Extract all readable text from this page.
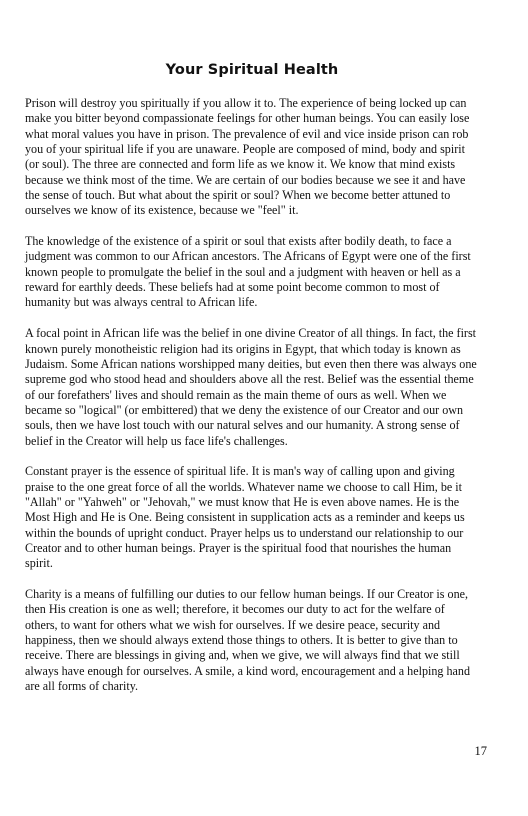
Your Spiritual Health

Prison will destroy you spiritually if you allow it to. The experience of being locked up can make you bitter beyond compassionate feelings for other human beings. You can easily lose what moral values you have in prison. The prevalence of evil and vice inside prison can rob you of your spiritual life if you are unaware. People are composed of mind, body and spirit (or soul). The three are connected and form life as we know it. We know that mind exists because we think most of the time. We are certain of our bodies because we see it and have the sense of touch. But what about the spirit or soul? When we become better attuned to ourselves we know of its existence, because we "feel" it.

The knowledge of the existence of a spirit or soul that exists after bodily death, to face a judgment was common to our African ancestors. The Africans of Egypt were one of the first known people to promulgate the belief in the soul and a judgment with heaven or hell as a reward for earthly deeds. These beliefs had at some point become common to most of humanity but was always central to African life.

A focal point in African life was the belief in one divine Creator of all things. In fact, the first known purely monotheistic religion had its origins in Egypt, that which today is known as Judaism. Some African nations worshipped many deities, but even then there was always one supreme god who stood head and shoulders above all the rest. Belief was the essential theme of our forefathers' lives and should remain as the main theme of ours as well. When we became so "logical" (or embittered) that we deny the existence of our Creator and our own souls, then we have lost touch with our natural selves and our humanity. A strong sense of belief in the Creator will help us face life's challenges.

Constant prayer is the essence of spiritual life. It is man's way of calling upon and giving praise to the one great force of all the worlds. Whatever name we choose to call Him, be it "Allah" or "Yahweh" or "Jehovah," we must know that He is even above names. He is the Most High and He is One. Being consistent in supplication acts as a reminder and keeps us within the bounds of upright conduct. Prayer helps us to understand our relationship to our Creator and to other human beings. Prayer is the spiritual food that nourishes the human spirit.

Charity is a means of fulfilling our duties to our fellow human beings. If our Creator is one, then His creation is one as well; therefore, it becomes our duty to act for the welfare of others, to want for others what we wish for ourselves. If we desire peace, security and happiness, then we should always extend those things to others. It is better to give than to receive. There are blessings in giving and, when we give, we will always find that we still always have enough for ourselves. A smile, a kind word, encouragement and a helping hand are all forms of charity.

17
